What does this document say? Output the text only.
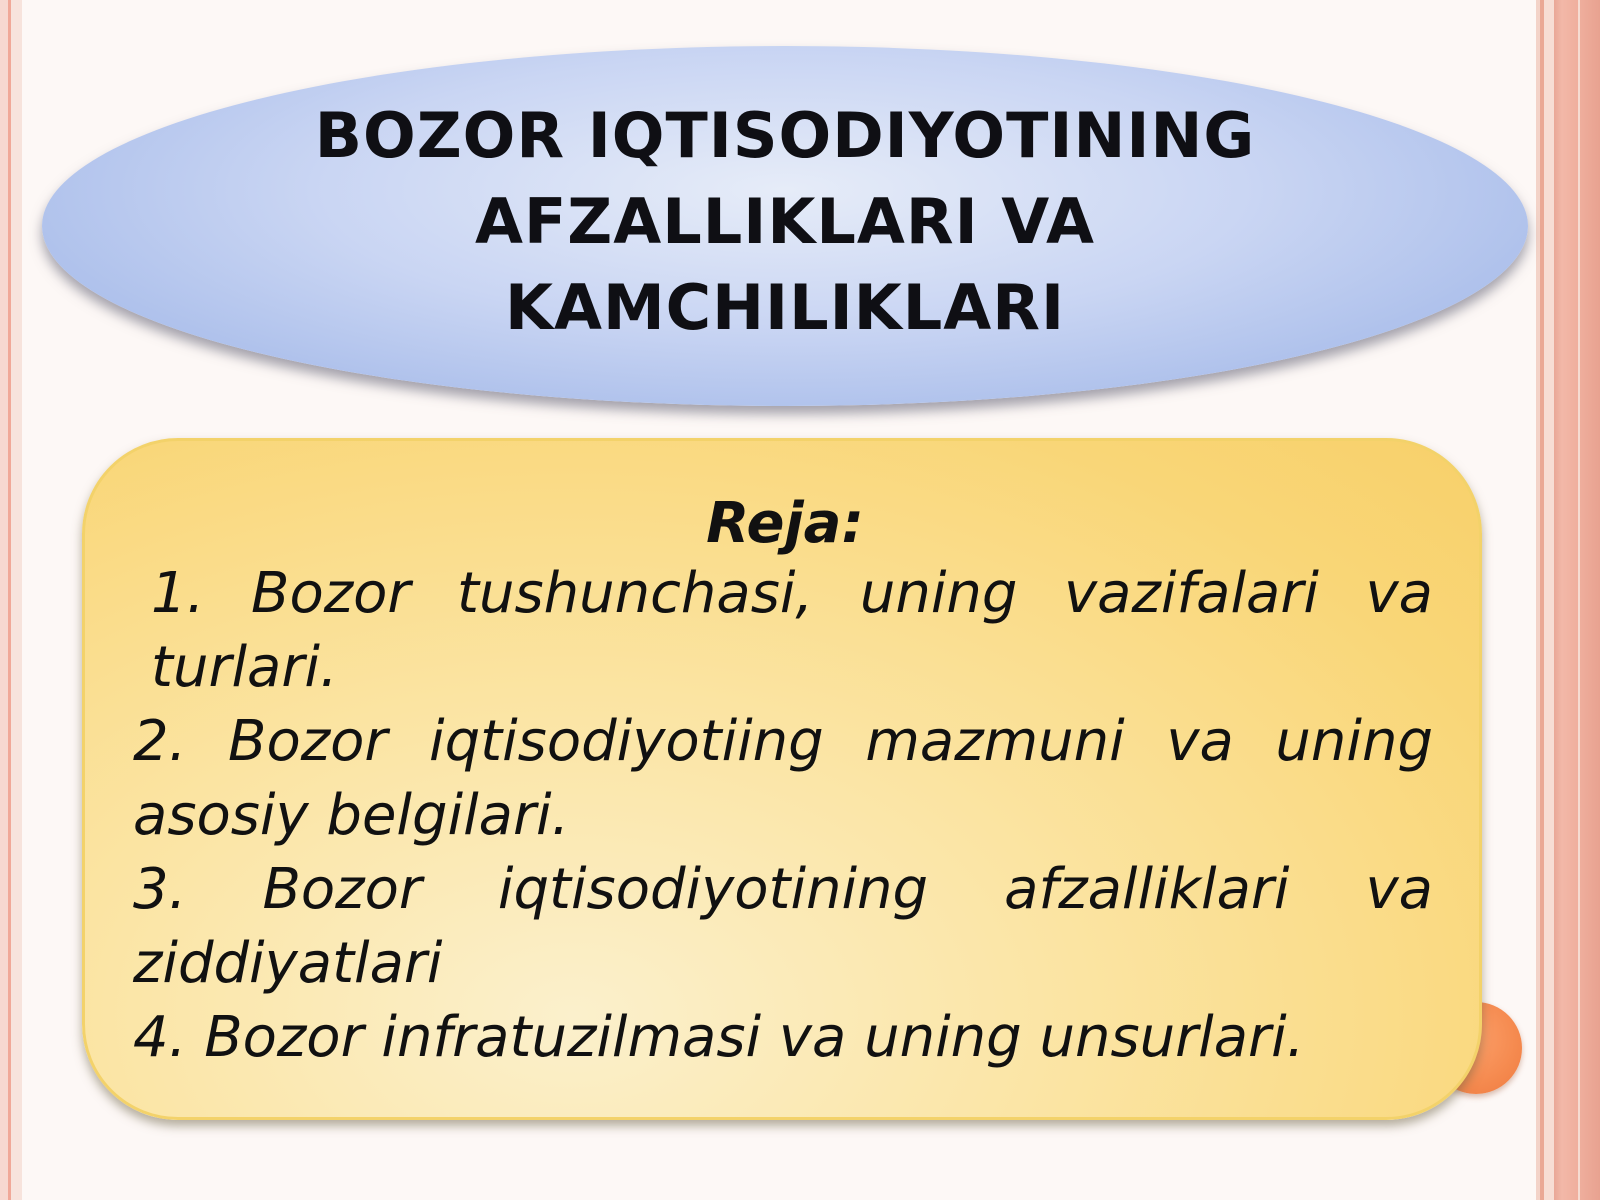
BOZOR IQTISODIYOTINING
AFZALLIKLARI VA
KAMCHILIKLARI
Reja:
1. Bozor tushunchasi, uning vazifalari va turlari.
2. Bozor iqtisodiyotiing mazmuni va uning asosiy belgilari.
3. Bozor iqtisodiyotining afzalliklari va ziddiyatlari
4. Bozor infratuzilmasi va uning unsurlari.
